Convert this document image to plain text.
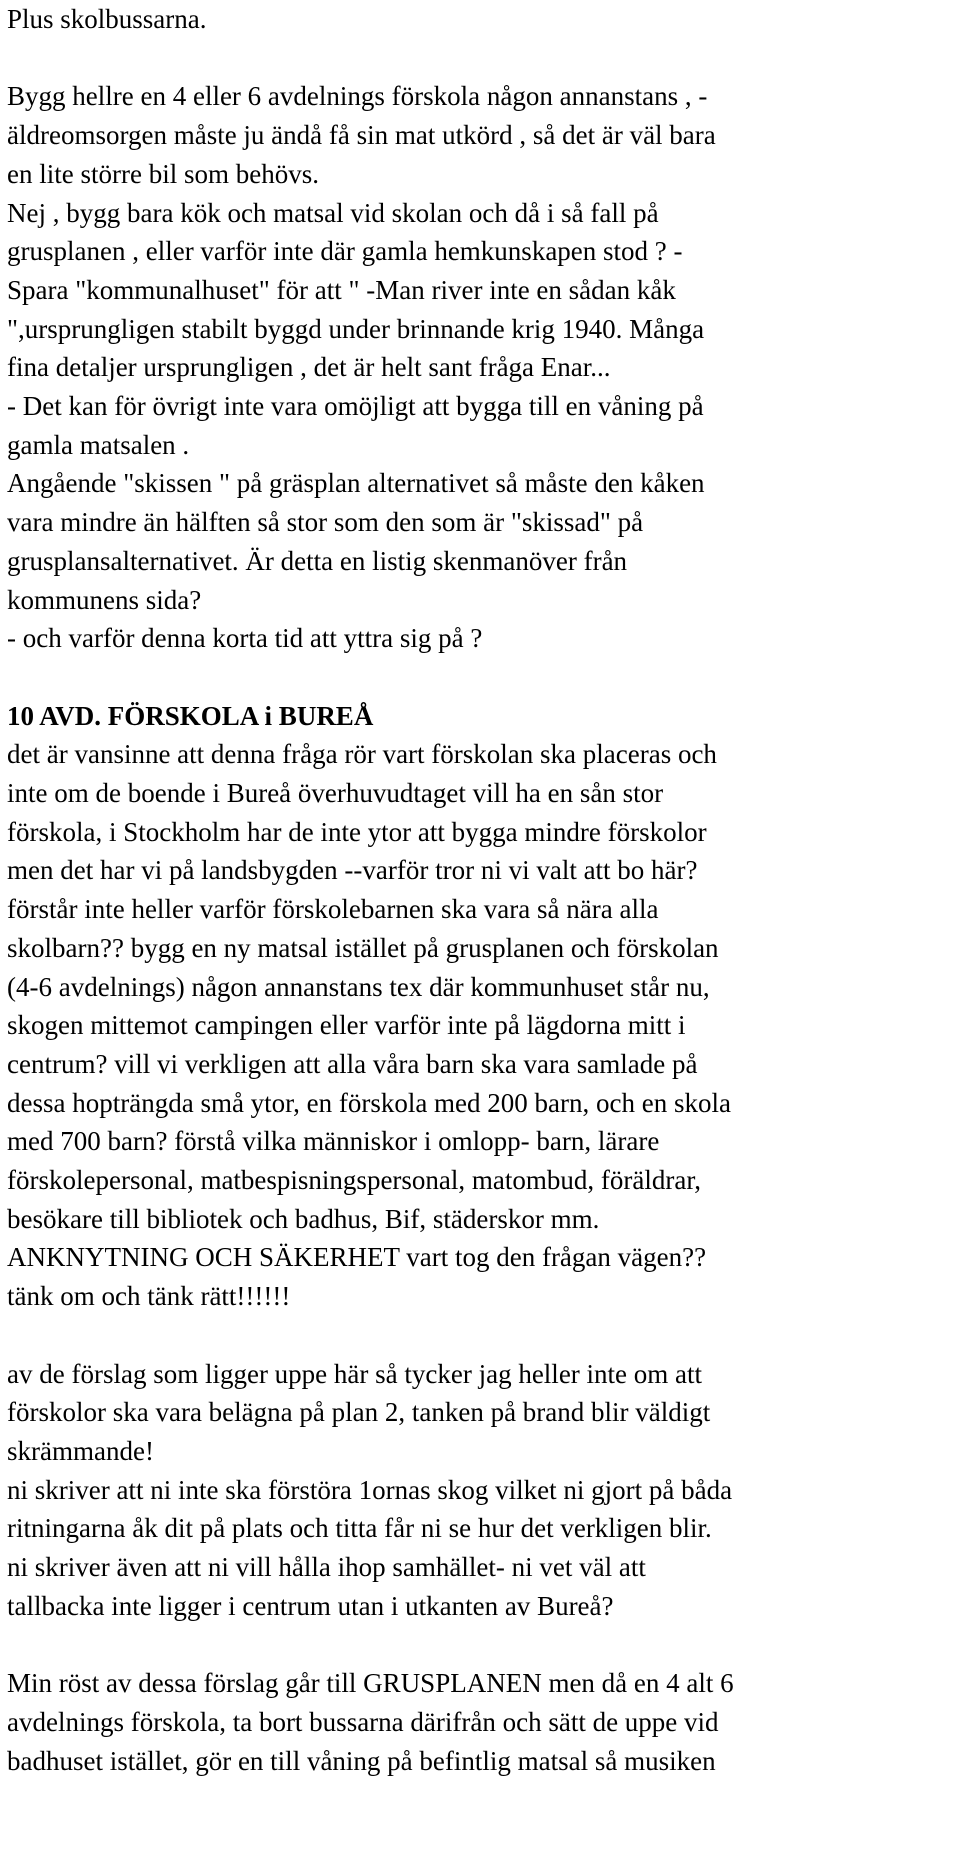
Plus skolbussarna.
Bygg hellre en 4 eller 6 avdelnings förskola någon annanstans , -
äldreomsorgen måste ju ändå få sin mat utkörd , så det är väl bara
en lite större bil som behövs.
Nej , bygg bara kök och matsal vid skolan och då i så fall på
grusplanen , eller varför inte där gamla hemkunskapen stod ? -
Spara "kommunalhuset" för att " -Man river inte en sådan kåk
",ursprungligen stabilt byggd under brinnande krig 1940. Många
fina detaljer ursprungligen , det är helt sant fråga Enar...
- Det kan för övrigt inte vara omöjligt att bygga till en våning på
gamla matsalen .
Angående "skissen " på gräsplan alternativet så måste den kåken
vara mindre än hälften så stor som den som är "skissad" på
grusplansalternativet. Är detta en listig skenmanöver från
kommunens sida?
- och varför denna korta tid att yttra sig på ?
10 AVD. FÖRSKOLA i BUREÅ
det är vansinne att denna fråga rör vart förskolan ska placeras och
inte om de boende i Bureå överhuvudtaget vill ha en sån stor
förskola, i Stockholm har de inte ytor att bygga mindre förskolor
men det har vi på landsbygden --varför tror ni vi valt att bo här?
förstår inte heller varför förskolebarnen ska vara så nära alla
skolbarn?? bygg en ny matsal istället på grusplanen och förskolan
(4-6 avdelnings) någon annanstans tex där kommunhuset står nu,
skogen mittemot campingen eller varför inte på lägdorna mitt i
centrum? vill vi verkligen att alla våra barn ska vara samlade på
dessa hopträngda små ytor, en förskola med 200 barn, och en skola
med 700 barn? förstå vilka människor i omlopp- barn, lärare
förskolepersonal, matbespisningspersonal, matombud, föräldrar,
besökare till bibliotek och badhus, Bif, städerskor mm.
ANKNYTNING OCH SÄKERHET vart tog den frågan vägen??
tänk om och tänk rätt!!!!!!
av de förslag som ligger uppe här så tycker jag heller inte om att
förskolor ska vara belägna på plan 2, tanken på brand blir väldigt
skrämmande!
ni skriver att ni inte ska förstöra 1ornas skog vilket ni gjort på båda
ritningarna åk dit på plats och titta får ni se hur det verkligen blir.
ni skriver även att ni vill hålla ihop samhället- ni vet väl att
tallbacka inte ligger i centrum utan i utkanten av Bureå?
Min röst av dessa förslag går till GRUSPLANEN men då en 4 alt 6
avdelnings förskola, ta bort bussarna därifrån och sätt de uppe vid
badhuset istället, gör en till våning på befintlig matsal så musiken
